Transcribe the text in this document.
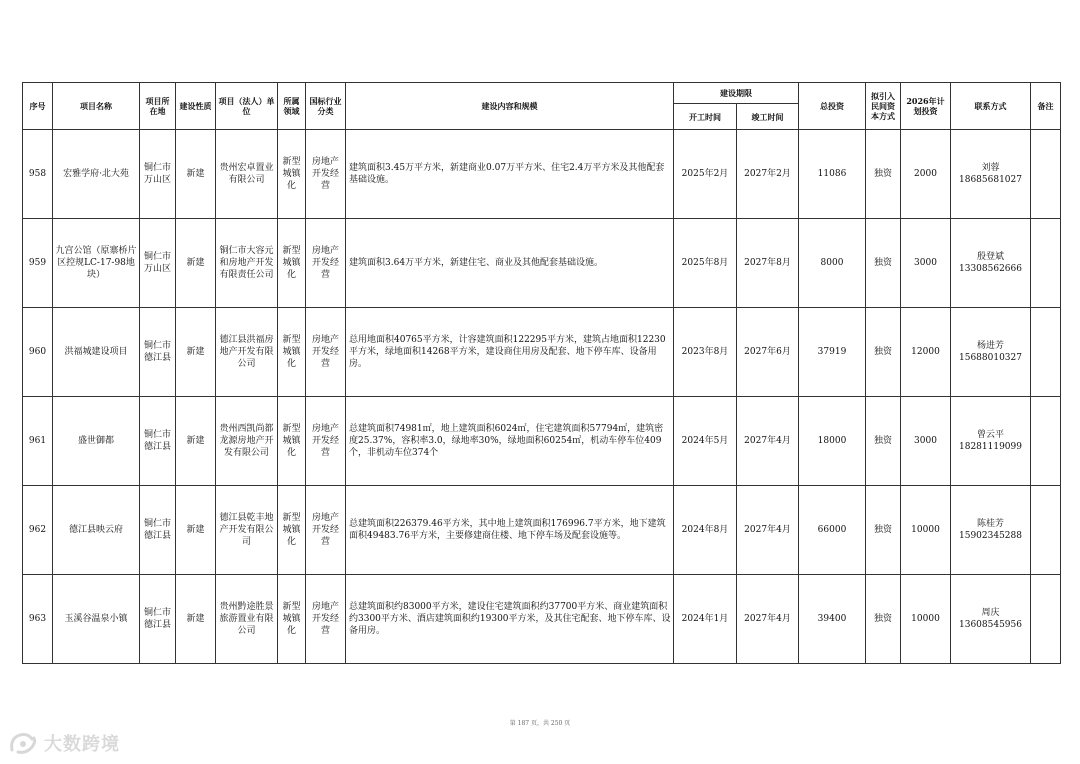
序号	项目名称	项目所在地	建设性质	项目（法人）单位	所属领域	国标行业分类	建设内容和规模	建设期限		总投资	拟引入民间资本方式	2026年计划投资	联系方式	备注
								开工时间	竣工时间					
958	宏雅学府·北大苑	铜仁市万山区	新建	贵州宏卓置业有限公司	新型城镇化	房地产开发经营	建筑面积3.45万平方米，新建商业0.07万平方米、住宅2.4万平方米及其他配套基础设施。	2025年2月	2027年2月	11086	独资	2000	刘蓉
18685681027	

959	九宫公馆（原寨桥片区控规LC-17-98地块）	铜仁市万山区	新建	铜仁市大容元和房地产开发有限责任公司	新型城镇化	房地产开发经营	建筑面积3.64万平方米，新建住宅、商业及其他配套基础设施。	2025年8月	2027年8月	8000	独资	3000	殷登斌
13308562666	

960	洪福城建设项目	铜仁市德江县	新建	德江县洪福房地产开发有限公司	新型城镇化	房地产开发经营	总用地面积40765平方米，计容建筑面积122295平方米，建筑占地面积12230平方米，绿地面积14268平方米，建设商住用房及配套、地下停车库、设备用房。	2023年8月	2027年6月	37919	独资	12000	杨进芳
15688010327	

961	盛世御都	铜仁市德江县	新建	贵州西凯尚都龙源房地产开发有限公司	新型城镇化	房地产开发经营	总建筑面积74981㎡，地上建筑面积6024㎡，住宅建筑面积57794㎡，建筑密度25.37%，容积率3.0，绿地率30%，绿地面积60254㎡，机动车停车位409个，非机动车位374个	2024年5月	2027年4月	18000	独资	3000	曾云平
18281119099	

962	德江县映云府	铜仁市德江县	新建	德江县乾丰地产开发有限公司	新型城镇化	房地产开发经营	总建筑面积226379.46平方米，其中地上建筑面积176996.7平方米，地下建筑面积49483.76平方米，主要修建商住楼、地下停车场及配套设施等。	2024年8月	2027年4月	66000	独资	10000	陈桂芳
15902345288	

963	玉溪谷温泉小镇	铜仁市德江县	新建	贵州黔途胜景旅游置业有限公司	新型城镇化	房地产开发经营	总建筑面积约83000平方米，建设住宅建筑面积约37700平方米、商业建筑面积约3300平方米、酒店建筑面积约19300平方米，及其住宅配套、地下停车库、设备用房。	2024年1月	2027年4月	39400	独资	10000	周庆
13608545956	

第 187 页，共 250 页
大数跨境
